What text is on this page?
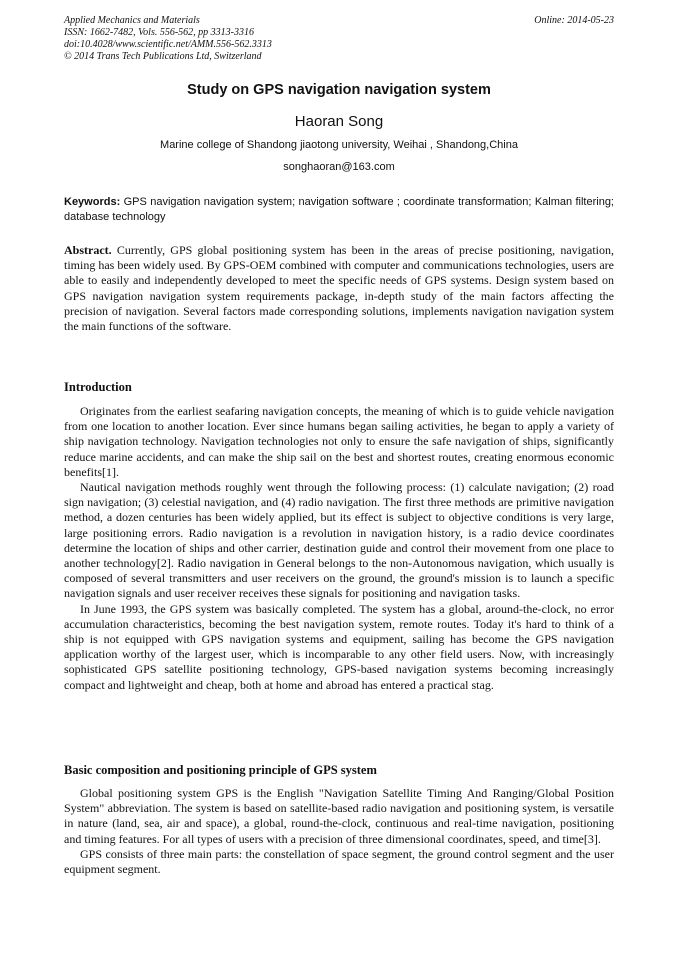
Applied Mechanics and Materials
ISSN: 1662-7482, Vols. 556-562, pp 3313-3316
doi:10.4028/www.scientific.net/AMM.556-562.3313
© 2014 Trans Tech Publications Ltd, Switzerland
Online: 2014-05-23
Study on GPS navigation navigation system
Haoran Song
Marine college of Shandong jiaotong university, Weihai , Shandong,China
songhaoran@163.com
Keywords: GPS navigation navigation system; navigation software ; coordinate transformation; Kalman filtering; database technology

Abstract. Currently, GPS global positioning system has been in the areas of precise positioning, navigation, timing has been widely used. By GPS-OEM combined with computer and communications technologies, users are able to easily and independently developed to meet the specific needs of GPS systems. Design system based on GPS navigation navigation system requirements package, in-depth study of the main factors affecting the precision of navigation. Several factors made corresponding solutions, implements navigation navigation system the main functions of the software.

Introduction

Originates from the earliest seafaring navigation concepts, the meaning of which is to guide vehicle navigation from one location to another location. Ever since humans began sailing activities, he began to apply a variety of ship navigation technology. Navigation technologies not only to ensure the safe navigation of ships, significantly reduce marine accidents, and can make the ship sail on the best and shortest routes, creating enormous economic benefits[1].

Nautical navigation methods roughly went through the following process: (1) calculate navigation; (2) road sign navigation; (3) celestial navigation, and (4) radio navigation. The first three methods are primitive navigation method, a dozen centuries has been widely applied, but its effect is subject to objective conditions is very large, large positioning errors. Radio navigation is a revolution in navigation history, is a radio device coordinates determine the location of ships and other carrier, destination guide and control their movement from one place to another technology[2]. Radio navigation in General belongs to the non-Autonomous navigation, which usually is composed of several transmitters and user receivers on the ground, the ground's mission is to launch a specific navigation signals and user receiver receives these signals for positioning and navigation tasks.

In June 1993, the GPS system was basically completed. The system has a global, around-the-clock, no error accumulation characteristics, becoming the best navigation system, remote routes. Today it's hard to think of a ship is not equipped with GPS navigation systems and equipment, sailing has become the GPS navigation application worthy of the largest user, which is incomparable to any other field users. Now, with increasingly sophisticated GPS satellite positioning technology, GPS-based navigation systems becoming increasingly compact and lightweight and cheap, both at home and abroad has entered a practical stag.

Basic composition and positioning principle of GPS system

Global positioning system GPS is the English "Navigation Satellite Timing And Ranging/Global Position System" abbreviation. The system is based on satellite-based radio navigation and positioning system, is versatile in nature (land, sea, air and space), a global, round-the-clock, continuous and real-time navigation, positioning and timing features. For all types of users with a precision of three dimensional coordinates, speed, and time[3].

GPS consists of three main parts: the constellation of space segment, the ground control segment and the user equipment segment.
